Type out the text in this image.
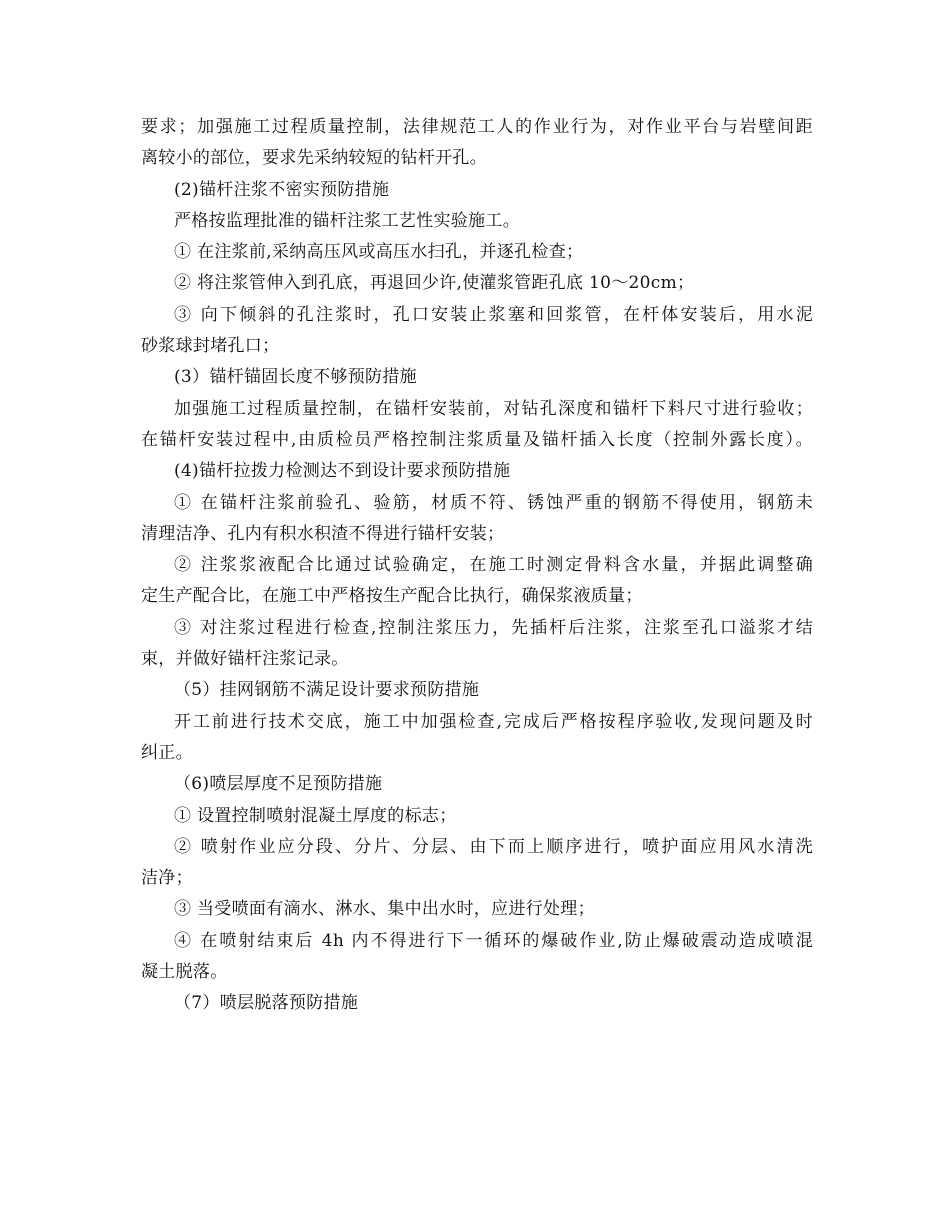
要求；加强施工过程质量控制，法律规范工人的作业行为，对作业平台与岩壁间距
离较小的部位，要求先采纳较短的钻杆开孔。
(2)锚杆注浆不密实预防措施
严格按监理批准的锚杆注浆工艺性实验施工。
① 在注浆前,采纳高压风或高压水扫孔，并逐孔检查；
② 将注浆管伸入到孔底，再退回少许,使灌浆管距孔底 10～20cm；
③ 向下倾斜的孔注浆时，孔口安装止浆塞和回浆管，在杆体安装后，用水泥
砂浆球封堵孔口；
(3）锚杆锚固长度不够预防措施
加强施工过程质量控制，在锚杆安装前，对钻孔深度和锚杆下料尺寸进行验收；
在锚杆安装过程中,由质检员严格控制注浆质量及锚杆插入长度（控制外露长度）。
(4)锚杆拉拨力检测达不到设计要求预防措施
① 在锚杆注浆前验孔、验筋，材质不符、锈蚀严重的钢筋不得使用，钢筋未
清理洁净、孔内有积水积渣不得进行锚杆安装；
② 注浆浆液配合比通过试验确定，在施工时测定骨料含水量，并据此调整确
定生产配合比，在施工中严格按生产配合比执行，确保浆液质量；
③ 对注浆过程进行检查,控制注浆压力，先插杆后注浆，注浆至孔口溢浆才结
束，并做好锚杆注浆记录。
（5）挂网钢筋不满足设计要求预防措施
开工前进行技术交底，施工中加强检查,完成后严格按程序验收,发现问题及时
纠正。
（6)喷层厚度不足预防措施
① 设置控制喷射混凝土厚度的标志；
② 喷射作业应分段、分片、分层、由下而上顺序进行，喷护面应用风水清洗
洁净；
③ 当受喷面有滴水、淋水、集中出水时，应进行处理；
④ 在喷射结束后 4h 内不得进行下一循环的爆破作业,防止爆破震动造成喷混
凝土脱落。
（7）喷层脱落预防措施
